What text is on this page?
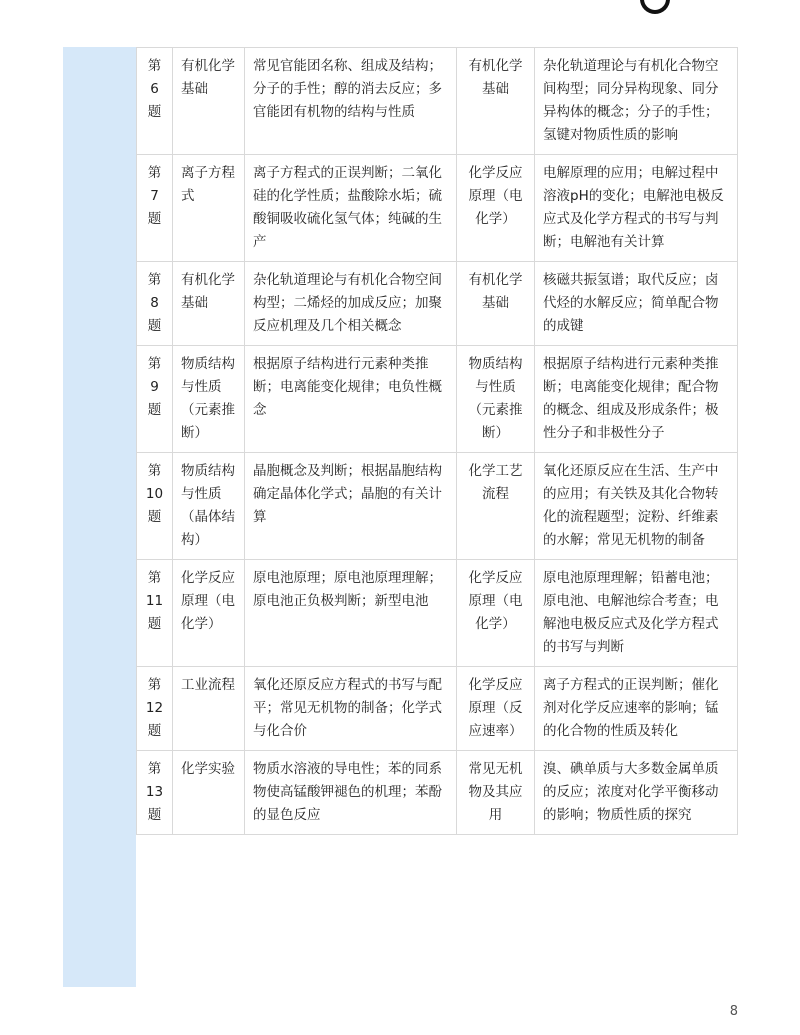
第
6
题	有机化学基础	常见官能团名称、组成及结构；分子的手性；醇的消去反应；多官能团有机物的结构与性质	有机化学基础	杂化轨道理论与有机化合物空间构型；同分异构现象、同分异构体的概念；分子的手性；氢键对物质性质的影响

第
7
题	离子方程式	离子方程式的正误判断；二氧化硅的化学性质；盐酸除水垢；硫酸铜吸收硫化氢气体；纯碱的生产	化学反应原理（电化学）	电解原理的应用；电解过程中溶液pH的变化；电解池电极反应式及化学方程式的书写与判断；电解池有关计算

第
8
题	有机化学基础	杂化轨道理论与有机化合物空间构型；二烯烃的加成反应；加聚反应机理及几个相关概念	有机化学基础	核磁共振氢谱；取代反应；卤代烃的水解反应；简单配合物的成键

第
9
题	物质结构与性质（元素推断）	根据原子结构进行元素种类推断；电离能变化规律；电负性概念	物质结构与性质（元素推断）	根据原子结构进行元素种类推断；电离能变化规律；配合物的概念、组成及形成条件；极性分子和非极性分子

第
10
题	物质结构与性质（晶体结构）	晶胞概念及判断；根据晶胞结构确定晶体化学式；晶胞的有关计算	化学工艺流程	氧化还原反应在生活、生产中的应用；有关铁及其化合物转化的流程题型；淀粉、纤维素的水解；常见无机物的制备

第
11
题	化学反应原理（电化学）	原电池原理；原电池原理理解；原电池正负极判断；新型电池	化学反应原理（电化学）	原电池原理理解；铅蓄电池；原电池、电解池综合考查；电解池电极反应式及化学方程式的书写与判断

第
12
题	工业流程	氧化还原反应方程式的书写与配平；常见无机物的制备；化学式与化合价	化学反应原理（反应速率）	离子方程式的正误判断；催化剂对化学反应速率的影响；锰的化合物的性质及转化

第
13
题	化学实验	物质水溶液的导电性；苯的同系物使高锰酸钾褪色的机理；苯酚的显色反应	常见无机物及其应用	溴、碘单质与大多数金属单质的反应；浓度对化学平衡移动的影响；物质性质的探究
8
